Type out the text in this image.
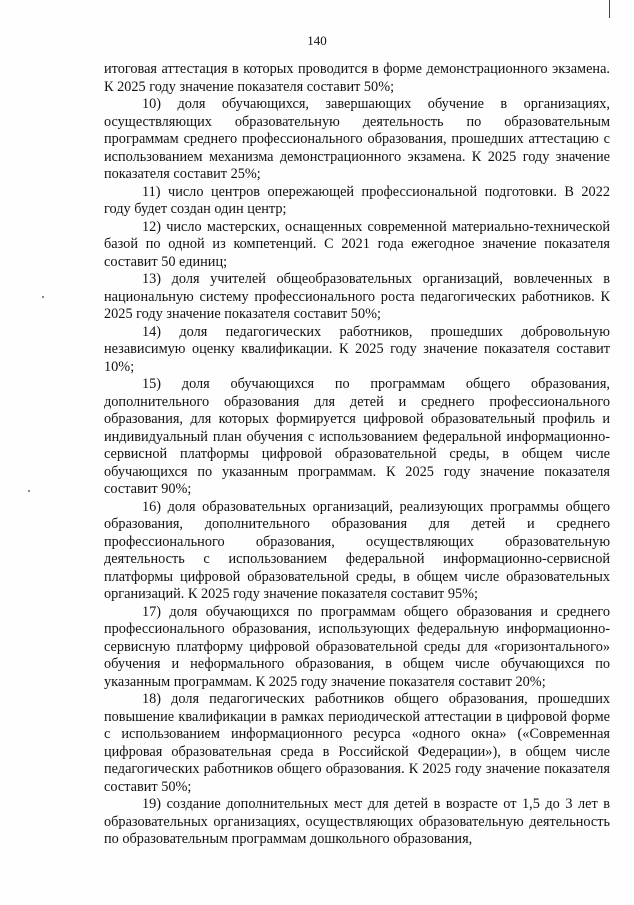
140

итоговая аттестация в которых проводится в форме демонстрационного экзамена. К 2025 году значение показателя составит 50%;

10) доля обучающихся, завершающих обучение в организациях, осуществляющих образовательную деятельность по образовательным программам среднего профессионального образования, прошедших аттестацию с использованием механизма демонстрационного экзамена. К 2025 году значение показателя составит 25%;

11) число центров опережающей профессиональной подготовки. В 2022 году будет создан один центр;

12) число мастерских, оснащенных современной материально-технической базой по одной из компетенций. С 2021 года ежегодное значение показателя составит 50 единиц;

13) доля учителей общеобразовательных организаций, вовлеченных в национальную систему профессионального роста педагогических работников. К 2025 году значение показателя составит 50%;

14) доля педагогических работников, прошедших добровольную независимую оценку квалификации. К 2025 году значение показателя составит 10%;

15) доля обучающихся по программам общего образования, дополнительного образования для детей и среднего профессионального образования, для которых формируется цифровой образовательный профиль и индивидуальный план обучения с использованием федеральной информационно-сервисной платформы цифровой образовательной среды, в общем числе обучающихся по указанным программам. К 2025 году значение показателя составит 90%;

16) доля образовательных организаций, реализующих программы общего образования, дополнительного образования для детей и среднего профессионального образования, осуществляющих образовательную деятельность с использованием федеральной информационно-сервисной платформы цифровой образовательной среды, в общем числе образовательных организаций. К 2025 году значение показателя составит 95%;

17) доля обучающихся по программам общего образования и среднего профессионального образования, использующих федеральную информационно-сервисную платформу цифровой образовательной среды для «горизонтального» обучения и неформального образования, в общем числе обучающихся по указанным программам. К 2025 году значение показателя составит 20%;

18) доля педагогических работников общего образования, прошедших повышение квалификации в рамках периодической аттестации в цифровой форме с использованием информационного ресурса «одного окна» («Современная цифровая образовательная среда в Российской Федерации»), в общем числе педагогических работников общего образования. К 2025 году значение показателя составит 50%;

19) создание дополнительных мест для детей в возрасте от 1,5 до 3 лет в образовательных организациях, осуществляющих образовательную деятельность по образовательным программам дошкольного образования,
